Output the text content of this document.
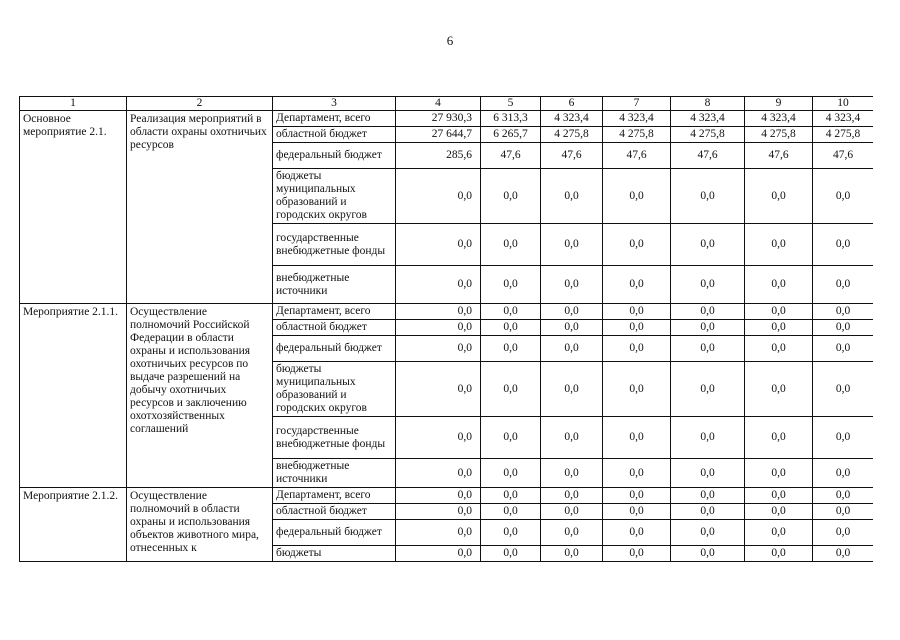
6
1	2	3	4	5	6	7	8	9	10
Основное мероприятие 2.1.	Реализация мероприятий в области охраны охотничьих ресурсов	Департамент, всего	27 930,3	6 313,3	4 323,4	4 323,4	4 323,4	4 323,4	4 323,4
		областной бюджет	27 644,7	6 265,7	4 275,8	4 275,8	4 275,8	4 275,8	4 275,8
		федеральный бюджет	285,6	47,6	47,6	47,6	47,6	47,6	47,6
		бюджеты муниципальных образований и городских округов	0,0	0,0	0,0	0,0	0,0	0,0	0,0
		государственные внебюджетные фонды	0,0	0,0	0,0	0,0	0,0	0,0	0,0
		внебюджетные источники	0,0	0,0	0,0	0,0	0,0	0,0	0,0
Мероприятие 2.1.1.	Осуществление полномочий Российской Федерации в области охраны и использования охотничьих ресурсов по выдаче разрешений на добычу охотничьих ресурсов и заключению охотхозяйственных соглашений	Департамент, всего	0,0	0,0	0,0	0,0	0,0	0,0	0,0
		областной бюджет	0,0	0,0	0,0	0,0	0,0	0,0	0,0
		федеральный бюджет	0,0	0,0	0,0	0,0	0,0	0,0	0,0
		бюджеты муниципальных образований и городских округов	0,0	0,0	0,0	0,0	0,0	0,0	0,0
		государственные внебюджетные фонды	0,0	0,0	0,0	0,0	0,0	0,0	0,0
		внебюджетные источники	0,0	0,0	0,0	0,0	0,0	0,0	0,0
Мероприятие 2.1.2.	Осуществление полномочий в области охраны и использования объектов животного мира, отнесенных к	Департамент, всего	0,0	0,0	0,0	0,0	0,0	0,0	0,0
		областной бюджет	0,0	0,0	0,0	0,0	0,0	0,0	0,0
		федеральный бюджет	0,0	0,0	0,0	0,0	0,0	0,0	0,0
		бюджеты	0,0	0,0	0,0	0,0	0,0	0,0	0,0
